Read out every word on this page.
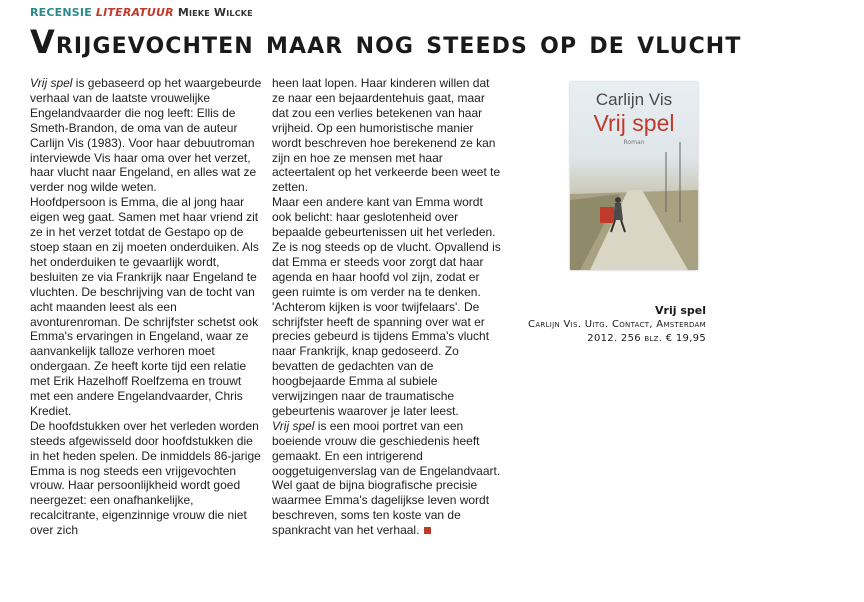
RECENSIE LITERATUUR Mieke Wilcke
Vrijgevochten maar nog steeds op de vlucht

Vrij spel is gebaseerd op het waargebeurde verhaal van de laatste vrouwelijke Engelandvaarder die nog leeft: Ellis de Smeth-Brandon, de oma van de auteur Carlijn Vis (1983). Voor haar debuutroman interviewde Vis haar oma over het verzet, haar vlucht naar Engeland, en alles wat ze verder nog wilde weten.

Hoofdpersoon is Emma, die al jong haar eigen weg gaat. Samen met haar vriend zit ze in het verzet totdat de Gestapo op de stoep staan en zij moeten onderduiken. Als het onderduiken te gevaarlijk wordt, besluiten ze via Frankrijk naar Engeland te vluchten. De beschrijving van de tocht van acht maanden leest als een avonturenroman. De schrijfster schetst ook Emma's ervaringen in Engeland, waar ze aanvankelijk talloze verhoren moet ondergaan. Ze heeft korte tijd een relatie met Erik Hazelhoff Roelfzema en trouwt met een andere Engelandvaarder, Chris Krediet.

De hoofdstukken over het verleden worden steeds afgewisseld door hoofdstukken die in het heden spelen. De inmiddels 86-jarige Emma is nog steeds een vrijgevochten vrouw. Haar persoonlijkheid wordt goed neergezet: een onafhankelijke, recalcitrante, eigenzinnige vrouw die niet over zich

heen laat lopen. Haar kinderen willen dat ze naar een bejaardentehuis gaat, maar dat zou een verlies betekenen van haar vrijheid. Op een humoristische manier wordt beschreven hoe berekenend ze kan zijn en hoe ze mensen met haar acteertalent op het verkeerde been weet te zetten.

Maar een andere kant van Emma wordt ook belicht: haar geslotenheid over bepaalde gebeurtenissen uit het verleden. Ze is nog steeds op de vlucht. Opvallend is dat Emma er steeds voor zorgt dat haar agenda en haar hoofd vol zijn, zodat er geen ruimte is om verder na te denken. 'Achterom kijken is voor twijfelaars'. De schrijfster heeft de spanning over wat er precies gebeurd is tijdens Emma's vlucht naar Frankrijk, knap gedoseerd. Zo bevatten de gedachten van de hoogbejaarde Emma al subiele verwijzingen naar de traumatische gebeurtenis waarover je later leest.

Vrij spel is een mooi portret van een boeiende vrouw die geschiedenis heeft gemaakt. En een intrigerend ooggetuigenverslag van de Engelandvaart. Wel gaat de bijna biografische precisie waarmee Emma's dagelijkse leven wordt beschreven, soms ten koste van de spankracht van het verhaal.

Carlijn Vis
Vrij spel
Roman
Vrij spel
Carlijn Vis. Uitg. Contact, Amsterdam
2012. 256 blz. € 19,95
